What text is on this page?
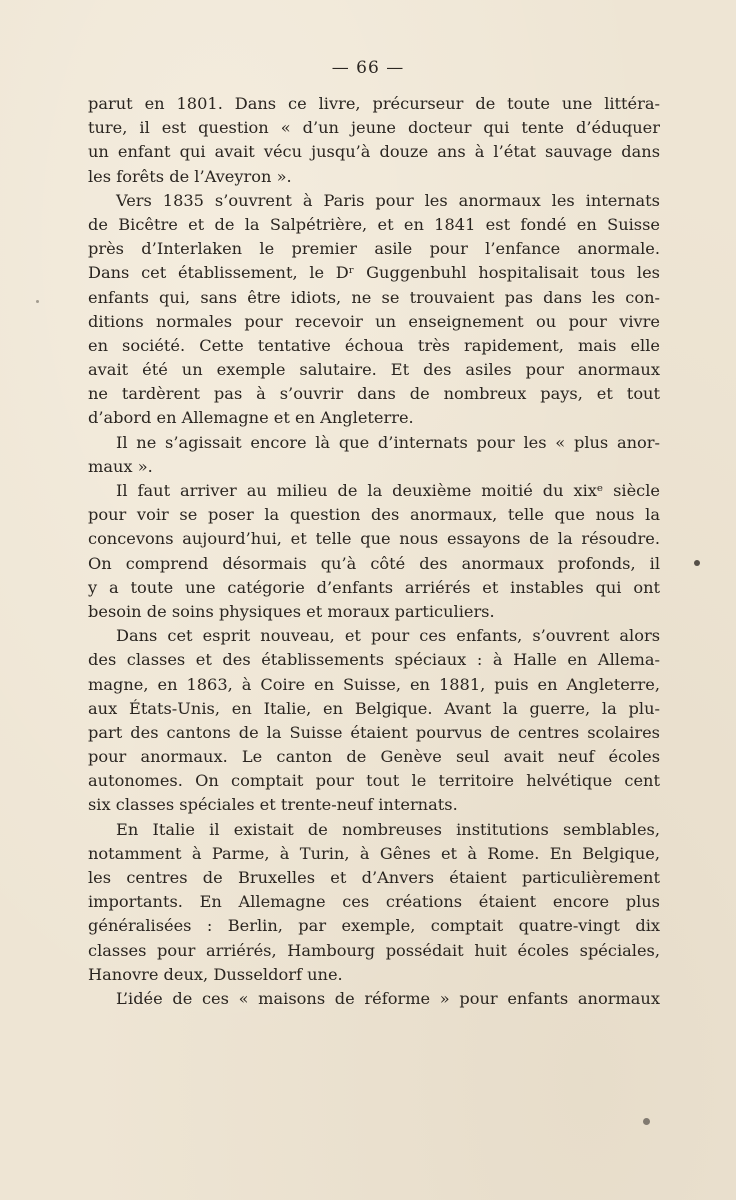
— 66 —
parut en 1801. Dans ce livre, précurseur de toute une littéra-
ture, il est question « d’un jeune docteur qui tente d’éduquer
un enfant qui avait vécu jusqu’à douze ans à l’état sauvage dans
les forêts de l’Aveyron ».
Vers 1835 s’ouvrent à Paris pour les anormaux les internats
de Bicêtre et de la Salpétrière, et en 1841 est fondé en Suisse
près d’Interlaken le premier asile pour l’enfance anormale.
Dans cet établissement, le Dʳ Guggenbuhl hospitalisait tous les
enfants qui, sans être idiots, ne se trouvaient pas dans les con-
ditions normales pour recevoir un enseignement ou pour vivre
en société. Cette tentative échoua très rapidement, mais elle
avait été un exemple salutaire. Et des asiles pour anormaux
ne tardèrent pas à s’ouvrir dans de nombreux pays, et tout
d’abord en Allemagne et en Angleterre.
Il ne s’agissait encore là que d’internats pour les « plus anor-
maux ».
Il faut arriver au milieu de la deuxième moitié du xixᵉ siècle
pour voir se poser la question des anormaux, telle que nous la
concevons aujourd’hui, et telle que nous essayons de la résoudre.
On comprend désormais qu’à côté des anormaux profonds, il
y a toute une catégorie d’enfants arriérés et instables qui ont
besoin de soins physiques et moraux particuliers.
Dans cet esprit nouveau, et pour ces enfants, s’ouvrent alors
des classes et des établissements spéciaux : à Halle en Allema-
magne, en 1863, à Coire en Suisse, en 1881, puis en Angleterre,
aux États-Unis, en Italie, en Belgique. Avant la guerre, la plu-
part des cantons de la Suisse étaient pourvus de centres scolaires
pour anormaux. Le canton de Genève seul avait neuf écoles
autonomes. On comptait pour tout le territoire helvétique cent
six classes spéciales et trente-neuf internats.
En Italie il existait de nombreuses institutions semblables,
notamment à Parme, à Turin, à Gênes et à Rome. En Belgique,
les centres de Bruxelles et d’Anvers étaient particulièrement
importants. En Allemagne ces créations étaient encore plus
généralisées : Berlin, par exemple, comptait quatre-vingt dix
classes pour arriérés, Hambourg possédait huit écoles spéciales,
Hanovre deux, Dusseldorf une.
L’idée de ces « maisons de réforme » pour enfants anormaux
